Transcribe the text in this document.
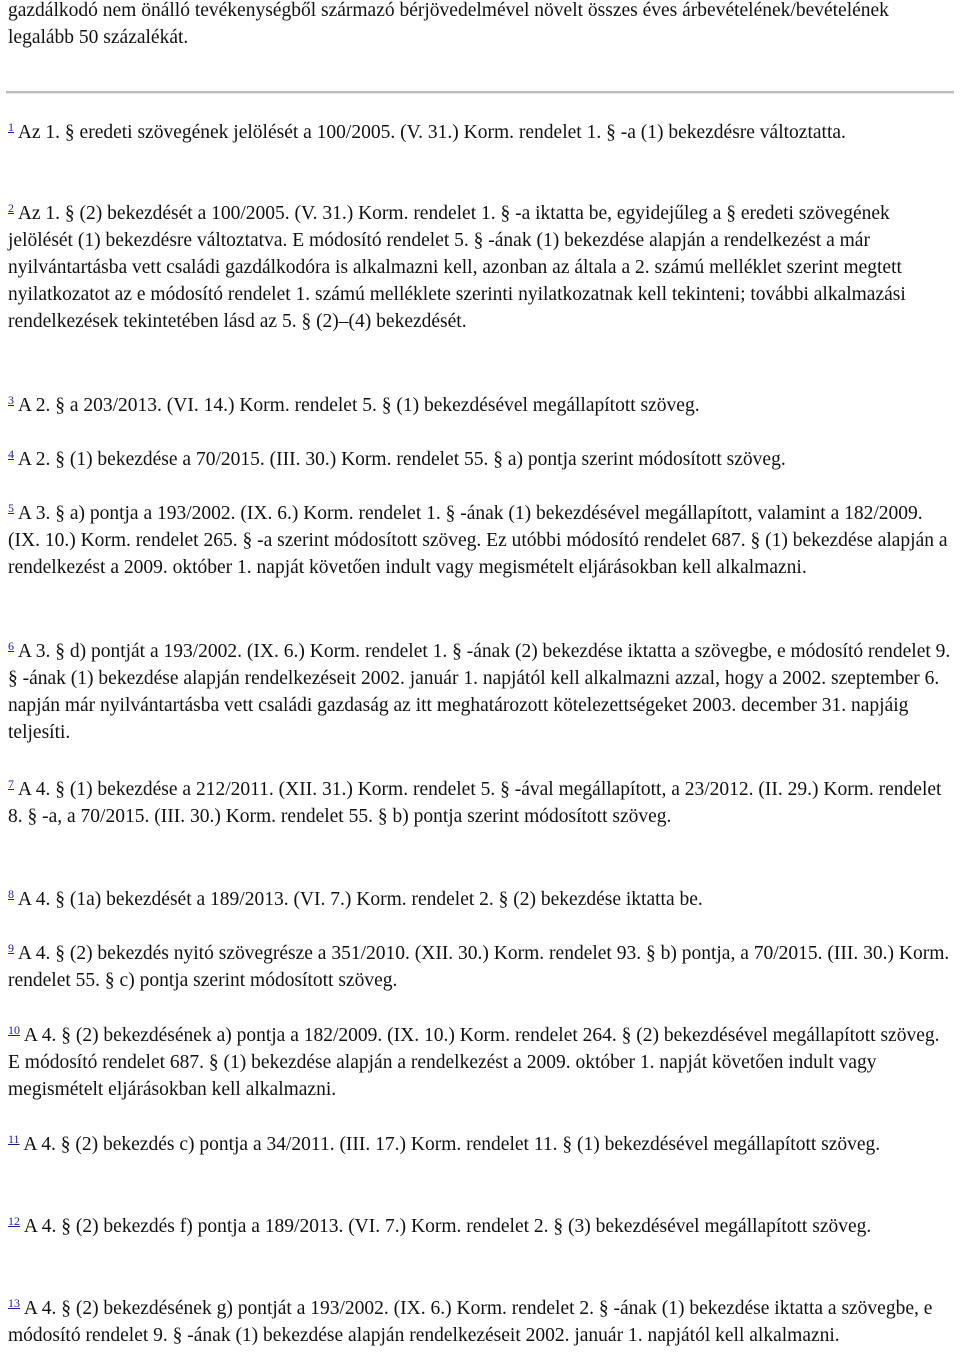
gazdálkodó nem önálló tevékenységből származó bérjövedelmével növelt összes éves árbevételének/bevételének legalább 50 százalékát.

$^1$ Az 1. § eredeti szövegének jelölését a 100/2005. (V. 31.) Korm. rendelet 1. § -a (1) bekezdésre változtatta.

$^2$ Az 1. § (2) bekezdését a 100/2005. (V. 31.) Korm. rendelet 1. § -a iktatta be, egyidejűleg a § eredeti szövegének jelölését (1) bekezdésre változtatva. E módosító rendelet 5. § -ának (1) bekezdése alapján a rendelkezést a már nyilvántartásba vett családi gazdálkodóra is alkalmazni kell, azonban az általa a 2. számú melléklet szerint megtett nyilatkozatot az e módosító rendelet 1. számú melléklete szerinti nyilatkozatnak kell tekinteni; további alkalmazási rendelkezések tekintetében lásd az 5. § (2)–(4) bekezdését.

$^3$ A 2. § a 203/2013. (VI. 14.) Korm. rendelet 5. § (1) bekezdésével megállapított szöveg.

$^4$ A 2. § (1) bekezdése a 70/2015. (III. 30.) Korm. rendelet 55. § a) pontja szerint módosított szöveg.

$^5$ A 3. § a) pontja a 193/2002. (IX. 6.) Korm. rendelet 1. § -ának (1) bekezdésével megállapított, valamint a 182/2009. (IX. 10.) Korm. rendelet 265. § -a szerint módosított szöveg. Ez utóbbi módosító rendelet 687. § (1) bekezdése alapján a rendelkezést a 2009. október 1. napját követően indult vagy megismételt eljárásokban kell alkalmazni.

$^6$ A 3. § d) pontját a 193/2002. (IX. 6.) Korm. rendelet 1. § -ának (2) bekezdése iktatta a szövegbe, e módosító rendelet 9. § -ának (1) bekezdése alapján rendelkezéseit 2002. január 1. napjától kell alkalmazni azzal, hogy a 2002. szeptember 6. napján már nyilvántartásba vett családi gazdaság az itt meghatározott kötelezettségeket 2003. december 31. napjáig teljesíti.

$^7$ A 4. § (1) bekezdése a 212/2011. (XII. 31.) Korm. rendelet 5. § -ával megállapított, a 23/2012. (II. 29.) Korm. rendelet 8. § -a, a 70/2015. (III. 30.) Korm. rendelet 55. § b) pontja szerint módosított szöveg.

$^8$ A 4. § (1a) bekezdését a 189/2013. (VI. 7.) Korm. rendelet 2. § (2) bekezdése iktatta be.

$^9$ A 4. § (2) bekezdés nyitó szövegrésze a 351/2010. (XII. 30.) Korm. rendelet 93. § b) pontja, a 70/2015. (III. 30.) Korm. rendelet 55. § c) pontja szerint módosított szöveg.

$^{10}$ A 4. § (2) bekezdésének a) pontja a 182/2009. (IX. 10.) Korm. rendelet 264. § (2) bekezdésével megállapított szöveg. E módosító rendelet 687. § (1) bekezdése alapján a rendelkezést a 2009. október 1. napját követően indult vagy megismételt eljárásokban kell alkalmazni.

$^{11}$ A 4. § (2) bekezdés c) pontja a 34/2011. (III. 17.) Korm. rendelet 11. § (1) bekezdésével megállapított szöveg.

$^{12}$ A 4. § (2) bekezdés f) pontja a 189/2013. (VI. 7.) Korm. rendelet 2. § (3) bekezdésével megállapított szöveg.

$^{13}$ A 4. § (2) bekezdésének g) pontját a 193/2002. (IX. 6.) Korm. rendelet 2. § -ának (1) bekezdése iktatta a szövegbe, e módosító rendelet 9. § -ának (1) bekezdése alapján rendelkezéseit 2002. január 1. napjától kell alkalmazni.
